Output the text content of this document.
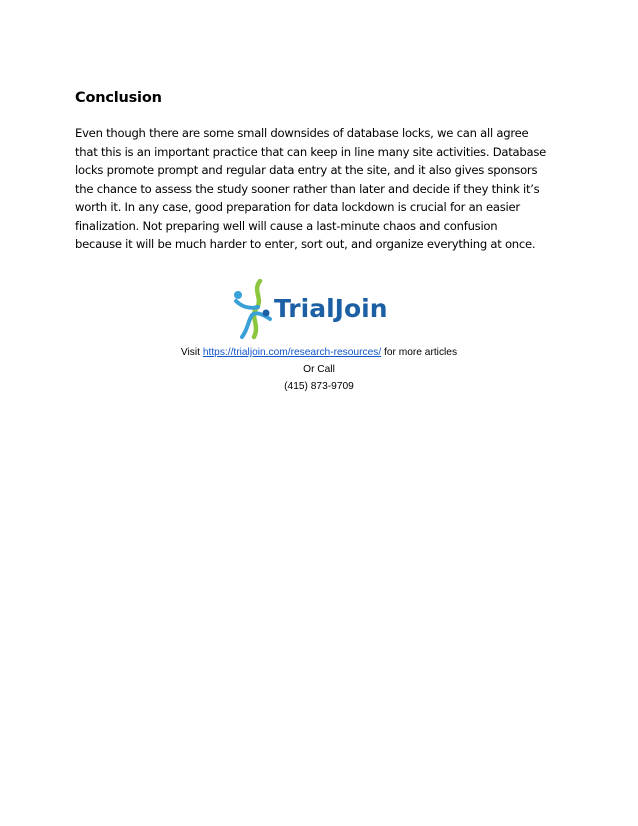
Conclusion
Even though there are some small downsides of database locks, we can all agree
that this is an important practice that can keep in line many site activities. Database
locks promote prompt and regular data entry at the site, and it also gives sponsors
the chance to assess the study sooner rather than later and decide if they think it’s
worth it. In any case, good preparation for data lockdown is crucial for an easier
finalization. Not preparing well will cause a last-minute chaos and confusion
because it will be much harder to enter, sort out, and organize everything at once.
TrialJoin
Visit https://trialjoin.com/research-resources/ for more articles
Or Call
(415) 873-9709
